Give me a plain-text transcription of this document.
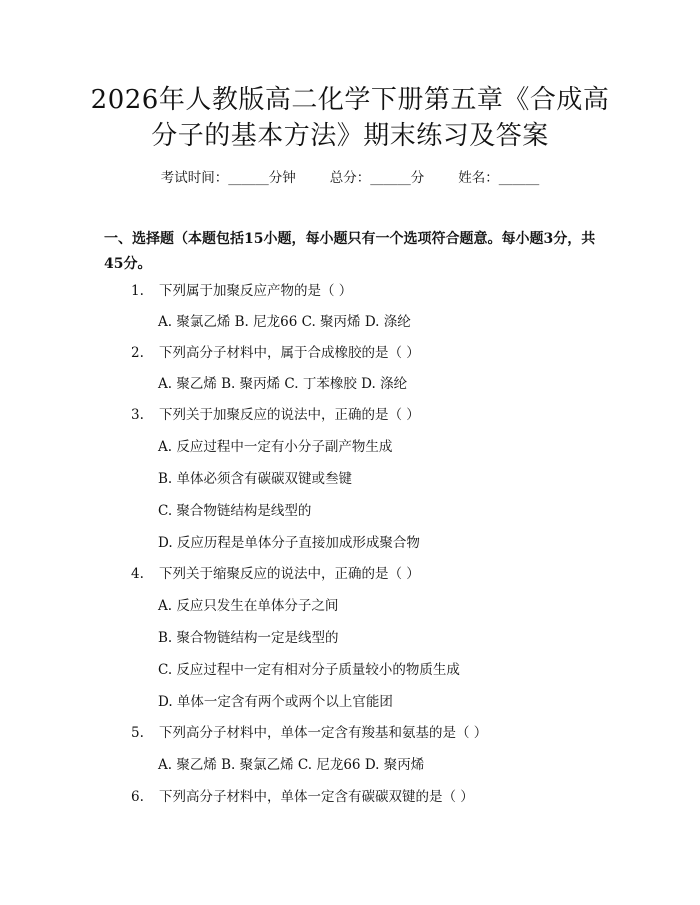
2026年人教版高二化学下册第五章《合成高
分子的基本方法》期末练习及答案
考试时间：______分钟	总分：______分	姓名：______

一、选择题（本题包括15小题，每小题只有一个选项符合题意。每小题3分，共45分。

1. 下列属于加聚反应产物的是（ ）
A. 聚氯乙烯 B. 尼龙66 C. 聚丙烯 D. 涤纶
2. 下列高分子材料中，属于合成橡胶的是（ ）
A. 聚乙烯 B. 聚丙烯 C. 丁苯橡胶 D. 涤纶
3. 下列关于加聚反应的说法中，正确的是（ ）
A. 反应过程中一定有小分子副产物生成
B. 单体必须含有碳碳双键或叁键
C. 聚合物链结构是线型的
D. 反应历程是单体分子直接加成形成聚合物
4. 下列关于缩聚反应的说法中，正确的是（ ）
A. 反应只发生在单体分子之间
B. 聚合物链结构一定是线型的
C. 反应过程中一定有相对分子质量较小的物质生成
D. 单体一定含有两个或两个以上官能团
5. 下列高分子材料中，单体一定含有羧基和氨基的是（ ）
A. 聚乙烯 B. 聚氯乙烯 C. 尼龙66 D. 聚丙烯
6. 下列高分子材料中，单体一定含有碳碳双键的是（ ）
